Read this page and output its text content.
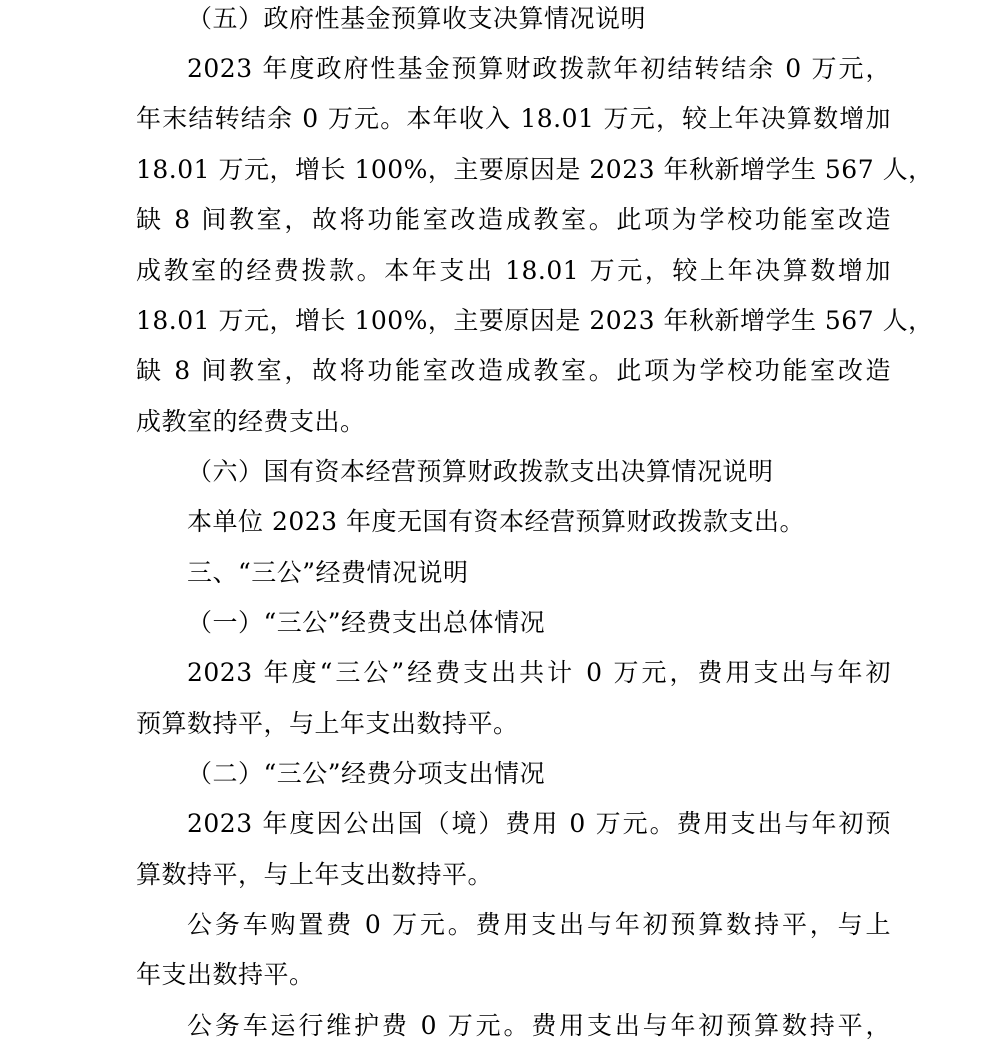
（五）政府性基金预算收支决算情况说明
2023 年度政府性基金预算财政拨款年初结转结余 0 万元，
年末结转结余 0 万元。本年收入 18.01 万元，较上年决算数增加
18.01 万元，增长 100%，主要原因是 2023 年秋新增学生 567 人，
缺 8 间教室，故将功能室改造成教室。此项为学校功能室改造
成教室的经费拨款。本年支出 18.01 万元，较上年决算数增加
18.01 万元，增长 100%，主要原因是 2023 年秋新增学生 567 人，
缺 8 间教室，故将功能室改造成教室。此项为学校功能室改造
成教室的经费支出。
（六）国有资本经营预算财政拨款支出决算情况说明
本单位 2023 年度无国有资本经营预算财政拨款支出。
三、“三公”经费情况说明
（一）“三公”经费支出总体情况
2023 年度“三公”经费支出共计 0 万元，费用支出与年初
预算数持平，与上年支出数持平。
（二）“三公”经费分项支出情况
2023 年度因公出国（境）费用 0 万元。费用支出与年初预
算数持平，与上年支出数持平。
公务车购置费 0 万元。费用支出与年初预算数持平，与上
年支出数持平。
公务车运行维护费 0 万元。费用支出与年初预算数持平，
